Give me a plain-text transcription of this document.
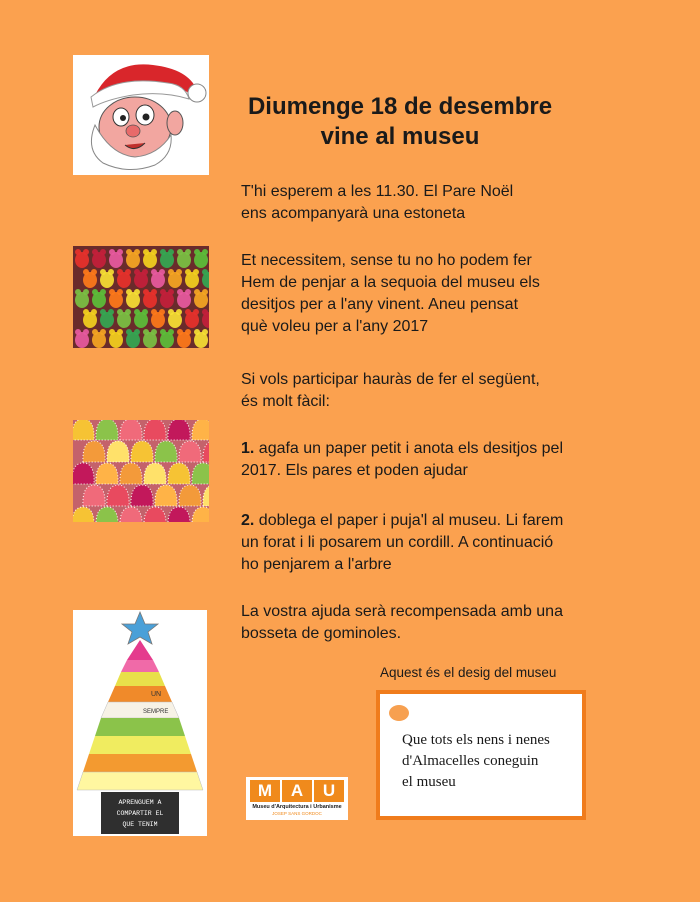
UN
SEMPRE
APRENGUEM A
COMPARTIR EL
QUE TENIM
Diumenge 18 de desembre
vine al museu

T'hi esperem a les 11.30. El Pare Noël
ens acompanyarà una estoneta

Et necessitem, sense tu no ho podem fer
Hem de penjar a la sequoia del museu els
desitjos per a l'any vinent. Aneu pensat
què voleu per a l'any 2017

Si vols participar hauràs de fer el següent,
és molt fàcil:

1. agafa un paper petit i anota els desitjos pel
2017. Els pares et poden ajudar

2. doblega el paper i puja'l al museu. Li farem
un forat i li posarem un cordill. A continuació
ho penjarem a l'arbre

La vostra ajuda serà recompensada amb una
bosseta de gominoles.

Aquest és el desig del museu
Que tots els nens i nenes
d'Almacelles coneguin
el museu
M	A	U
Museu d'Arquitectura i Urbanisme
JOSEP SANS GORDOC
